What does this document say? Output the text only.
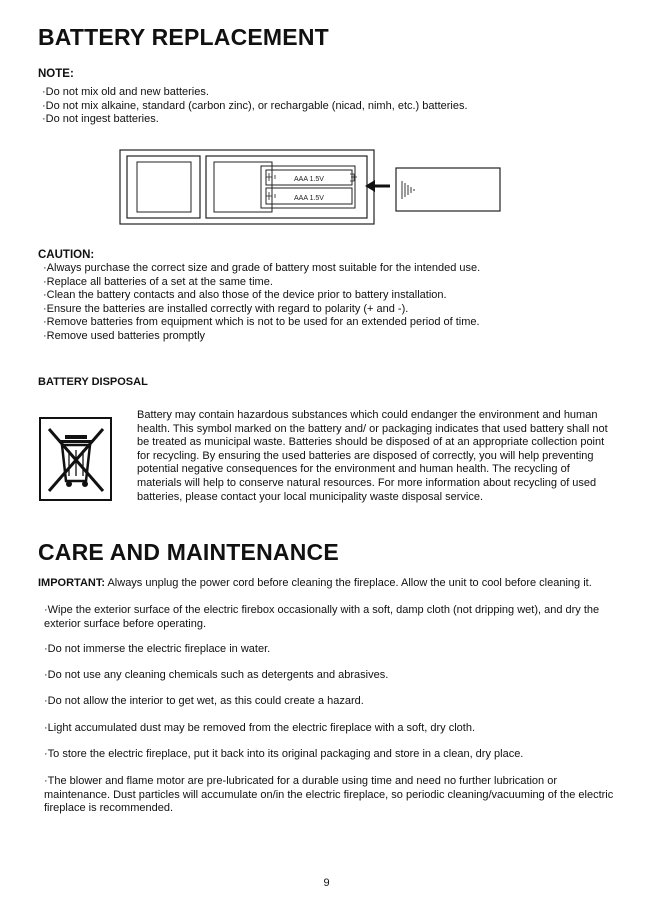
BATTERY REPLACEMENT
NOTE:
·Do not mix old and new batteries.
·Do not mix alkaine, standard (carbon zinc), or rechargable (nicad, nimh, etc.) batteries.
·Do not ingest batteries.
AAA 1.5V
AAA 1.5V
CAUTION:
·Always purchase the correct size and grade of battery most suitable for the intended use.
·Replace all batteries of a set at the same time.
·Clean the battery contacts and also those of the device prior to battery installation.
·Ensure the batteries are installed correctly with regard to polarity (+ and -).
·Remove batteries from equipment which is not to be used for an extended period of time.
·Remove used batteries promptly
BATTERY DISPOSAL
Battery may contain hazardous substances which could endanger the environment and human health. This symbol marked on the battery and/ or packaging indicates that used battery shall not be treated as municipal waste. Batteries should be disposed of at an appropriate collection point for recycling. By ensuring the used batteries are disposed of correctly, you will help preventing potential negative consequences for the environment and human health. The recycling of materials will help to conserve natural resources. For more information about recycling of used batteries, please contact your local municipality waste disposal service.
CARE AND MAINTENANCE
IMPORTANT: Always unplug the power cord before cleaning the fireplace. Allow the unit to cool before cleaning it.
·Wipe the exterior surface of the electric firebox occasionally with a soft, damp cloth (not dripping wet), and dry the exterior surface before operating.
·Do not immerse the electric fireplace in water.
·Do not use any cleaning chemicals such as detergents and abrasives.
·Do not allow the interior to get wet, as this could create a hazard.
·Light accumulated dust may be removed from the electric fireplace with a soft, dry cloth.
·To store the electric fireplace, put it back into its original packaging and store in a clean, dry place.
·The blower and flame motor are pre-lubricated for a durable using time and need no further lubrication or maintenance. Dust particles will accumulate on/in the electric fireplace, so periodic cleaning/vacuuming of the electric fireplace is recommended.
9
